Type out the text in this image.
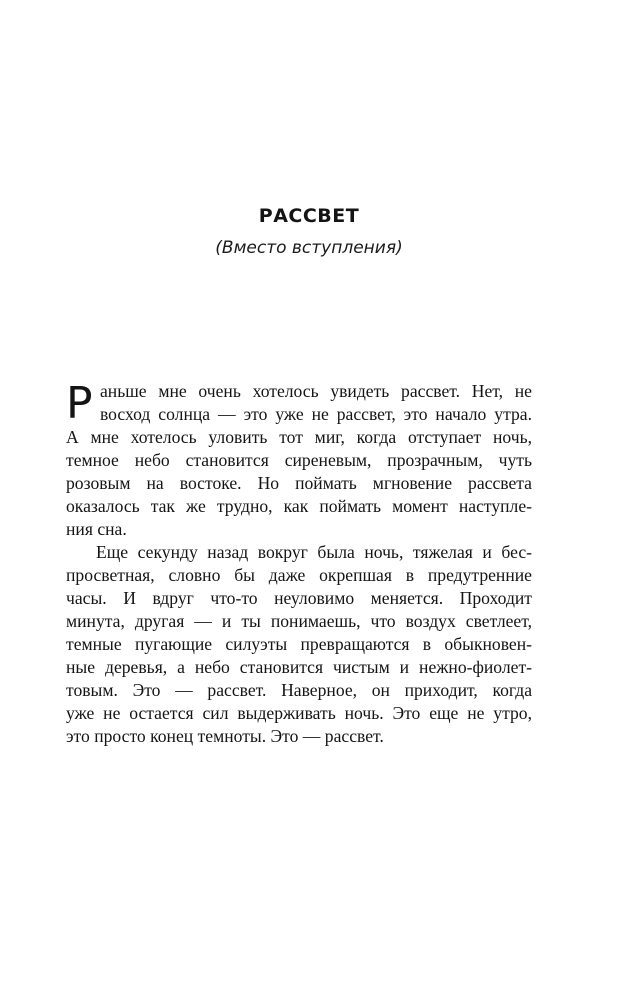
РАССВЕТ

(Вместо вступления)

Р аньше мне очень хотелось увидеть рассвет. Нет, не
восход солнца — это уже не рассвет, это начало утра.
А мне хотелось уловить тот миг, когда отступает ночь,
темное небо становится сиреневым, прозрачным, чуть
розовым на востоке. Но поймать мгновение рассвета
оказалось так же трудно, как поймать момент наступле-
ния сна.
Еще секунду назад вокруг была ночь, тяжелая и бес-
просветная, словно бы даже окрепшая в предутренние
часы. И вдруг что-то неуловимо меняется. Проходит
минута, другая — и ты понимаешь, что воздух светлеет,
темные пугающие силуэты превращаются в обыкновен-
ные деревья, а небо становится чистым и нежно-фиолет-
товым. Это — рассвет. Наверное, он приходит, когда
уже не остается сил выдерживать ночь. Это еще не утро,
это просто конец темноты. Это — рассвет.
